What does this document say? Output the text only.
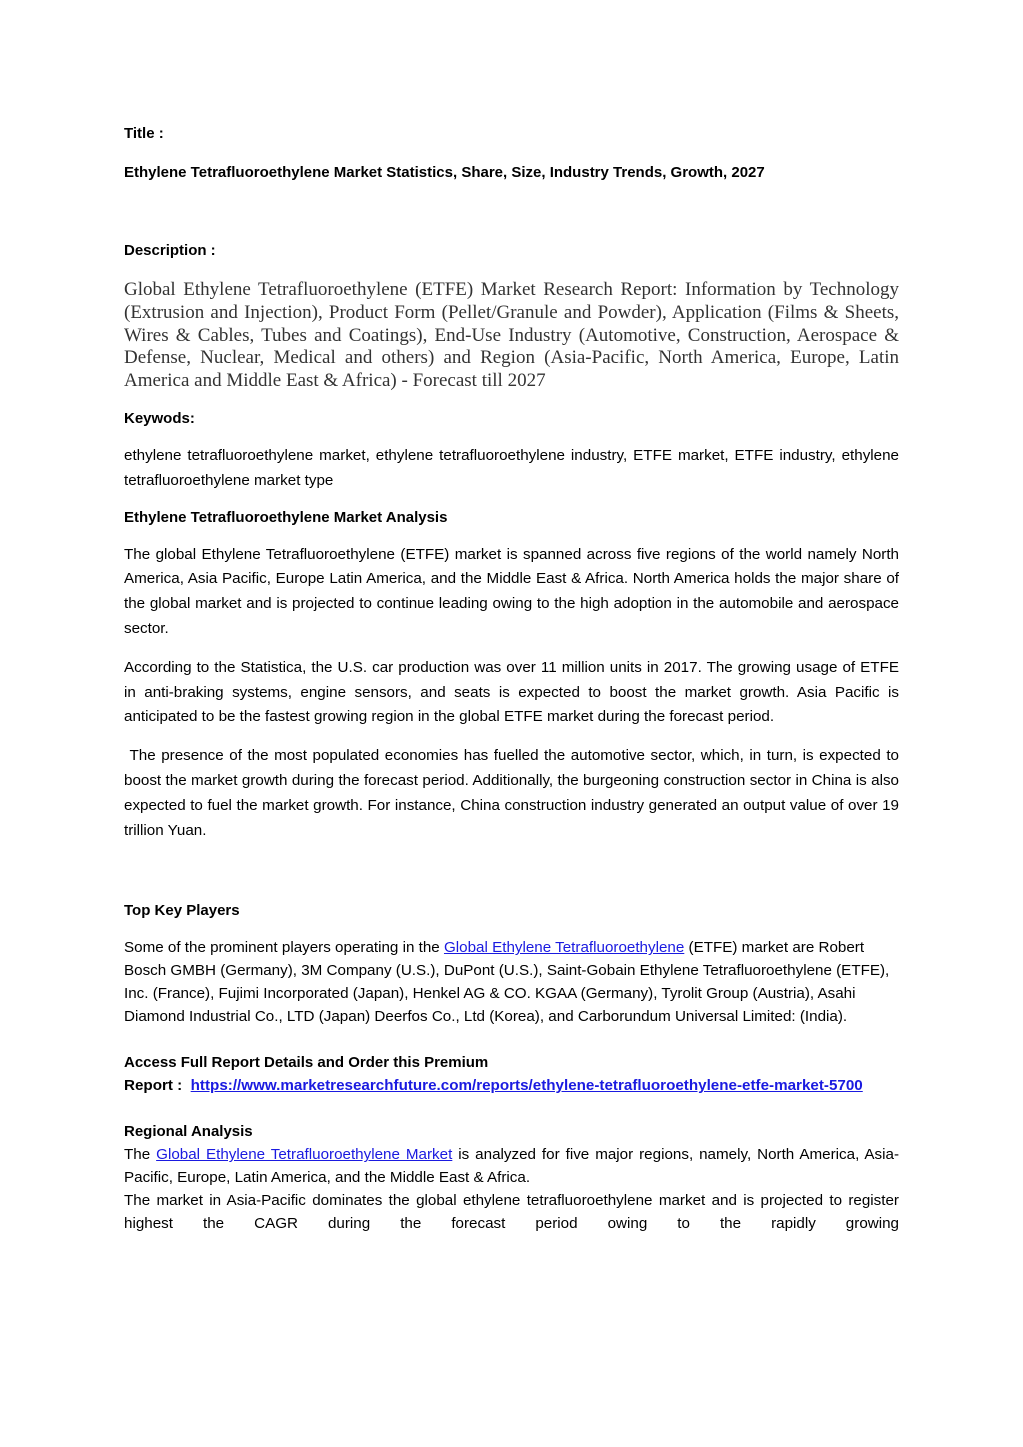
Title :

Ethylene Tetrafluoroethylene Market Statistics, Share, Size, Industry Trends, Growth, 2027

Description :

Global Ethylene Tetrafluoroethylene (ETFE) Market Research Report: Information by Technology (Extrusion and Injection), Product Form (Pellet/Granule and Powder), Application (Films & Sheets, Wires & Cables, Tubes and Coatings), End-Use Industry (Automotive, Construction, Aerospace & Defense, Nuclear, Medical and others) and Region (Asia-Pacific, North America, Europe, Latin America and Middle East & Africa) - Forecast till 2027

Keywods:

ethylene tetrafluoroethylene market, ethylene tetrafluoroethylene industry, ETFE market, ETFE industry, ethylene tetrafluoroethylene market type

Ethylene Tetrafluoroethylene Market Analysis

The global Ethylene Tetrafluoroethylene (ETFE) market is spanned across five regions of the world namely North America, Asia Pacific, Europe Latin America, and the Middle East & Africa. North America holds the major share of the global market and is projected to continue leading owing to the high adoption in the automobile and aerospace sector.

According to the Statistica, the U.S. car production was over 11 million units in 2017. The growing usage of ETFE in anti-braking systems, engine sensors, and seats is expected to boost the market growth. Asia Pacific is anticipated to be the fastest growing region in the global ETFE market during the forecast period.

The presence of the most populated economies has fuelled the automotive sector, which, in turn, is expected to boost the market growth during the forecast period. Additionally, the burgeoning construction sector in China is also expected to fuel the market growth. For instance, China construction industry generated an output value of over 19 trillion Yuan.

Top Key Players

Some of the prominent players operating in the Global Ethylene Tetrafluoroethylene (ETFE) market are Robert Bosch GMBH (Germany), 3M Company (U.S.), DuPont (U.S.), Saint-Gobain Ethylene Tetrafluoroethylene (ETFE), Inc. (France), Fujimi Incorporated (Japan), Henkel AG & CO. KGAA (Germany), Tyrolit Group (Austria), Asahi Diamond Industrial Co., LTD (Japan) Deerfos Co., Ltd (Korea), and Carborundum Universal Limited: (India).

Access Full Report Details and Order this Premium

Report :  https://www.marketresearchfuture.com/reports/ethylene-tetrafluoroethylene-etfe-market-5700

Regional Analysis

The Global Ethylene Tetrafluoroethylene Market is analyzed for five major regions, namely, North America, Asia-Pacific, Europe, Latin America, and the Middle East & Africa.

The market in Asia-Pacific dominates the global ethylene tetrafluoroethylene market and is projected to register highest the CAGR during the forecast period owing to the rapidly growing
